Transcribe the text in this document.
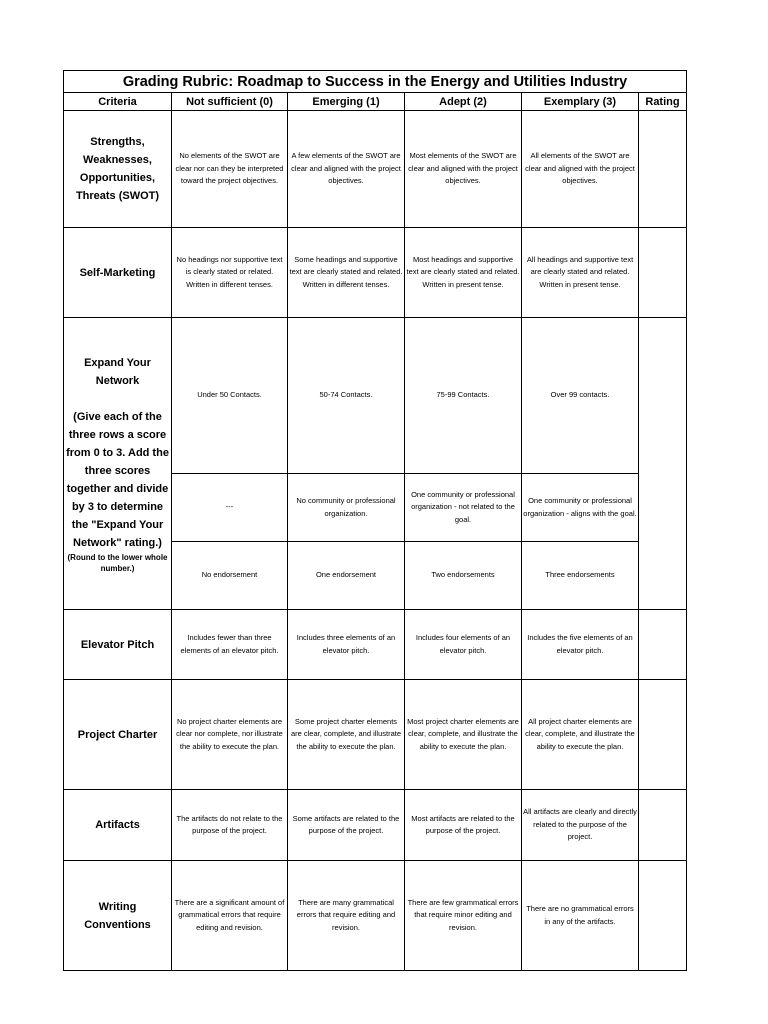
Grading Rubric: Roadmap to Success in the Energy and Utilities Industry					
Criteria	Not sufficient (0)	Emerging (1)	Adept (2)	Exemplary (3)	Rating
Strengths, Weaknesses, Opportunities, Threats (SWOT)	No elements of the SWOT are clear nor can they be interpreted toward the project objectives.	A few elements of the SWOT are clear and aligned with the project objectives.	Most elements of the SWOT are clear and aligned with the project objectives.	All elements of the SWOT are clear and aligned with the project objectives.	
Self-Marketing	No headings nor supportive text is clearly stated or related. Written in different tenses.	Some headings and supportive text are clearly stated and related. Written in different tenses.	Most headings and supportive text are clearly stated and related. Written in present tense.	All headings and supportive text are clearly stated and related. Written in present tense.	
Expand Your Network

(Give each of the three rows a score from 0 to 3. Add the three scores together and divide by 3 to determine the "Expand Your Network" rating.)
(Round to the lower whole number.)	Under 50 Contacts.	50-74 Contacts.	75-99 Contacts.	Over 99 contacts.	
	---	No community or professional organization.	One community or professional organization - not related to the goal.	One community or professional organization - aligns with the goal.	
	No endorsement	One endorsement	Two endorsements	Three endorsements	
Elevator Pitch	Includes fewer than three elements of an elevator pitch.	Includes three elements of an elevator pitch.	Includes four elements of an elevator pitch.	Includes the five elements of an elevator pitch.	
Project Charter	No project charter elements are clear nor complete, nor illustrate the ability to execute the plan.	Some project charter elements are clear, complete, and illustrate the ability to execute the plan.	Most project charter elements are clear, complete, and illustrate the ability to execute the plan.	All project charter elements are clear, complete, and illustrate the ability to execute the plan.	
Artifacts	The artifacts do not relate to the purpose of the project.	Some artifacts are related to the purpose of the project.	Most artifacts are related to the purpose of the project.	All artifacts are clearly and directly related to the purpose of the project.	
Writing Conventions	There are a significant amount of grammatical errors that require editing and revision.	There are many grammatical errors that require editing and revision.	There are few grammatical errors that require minor editing and revision.	There are no grammatical errors in any of the artifacts.	
